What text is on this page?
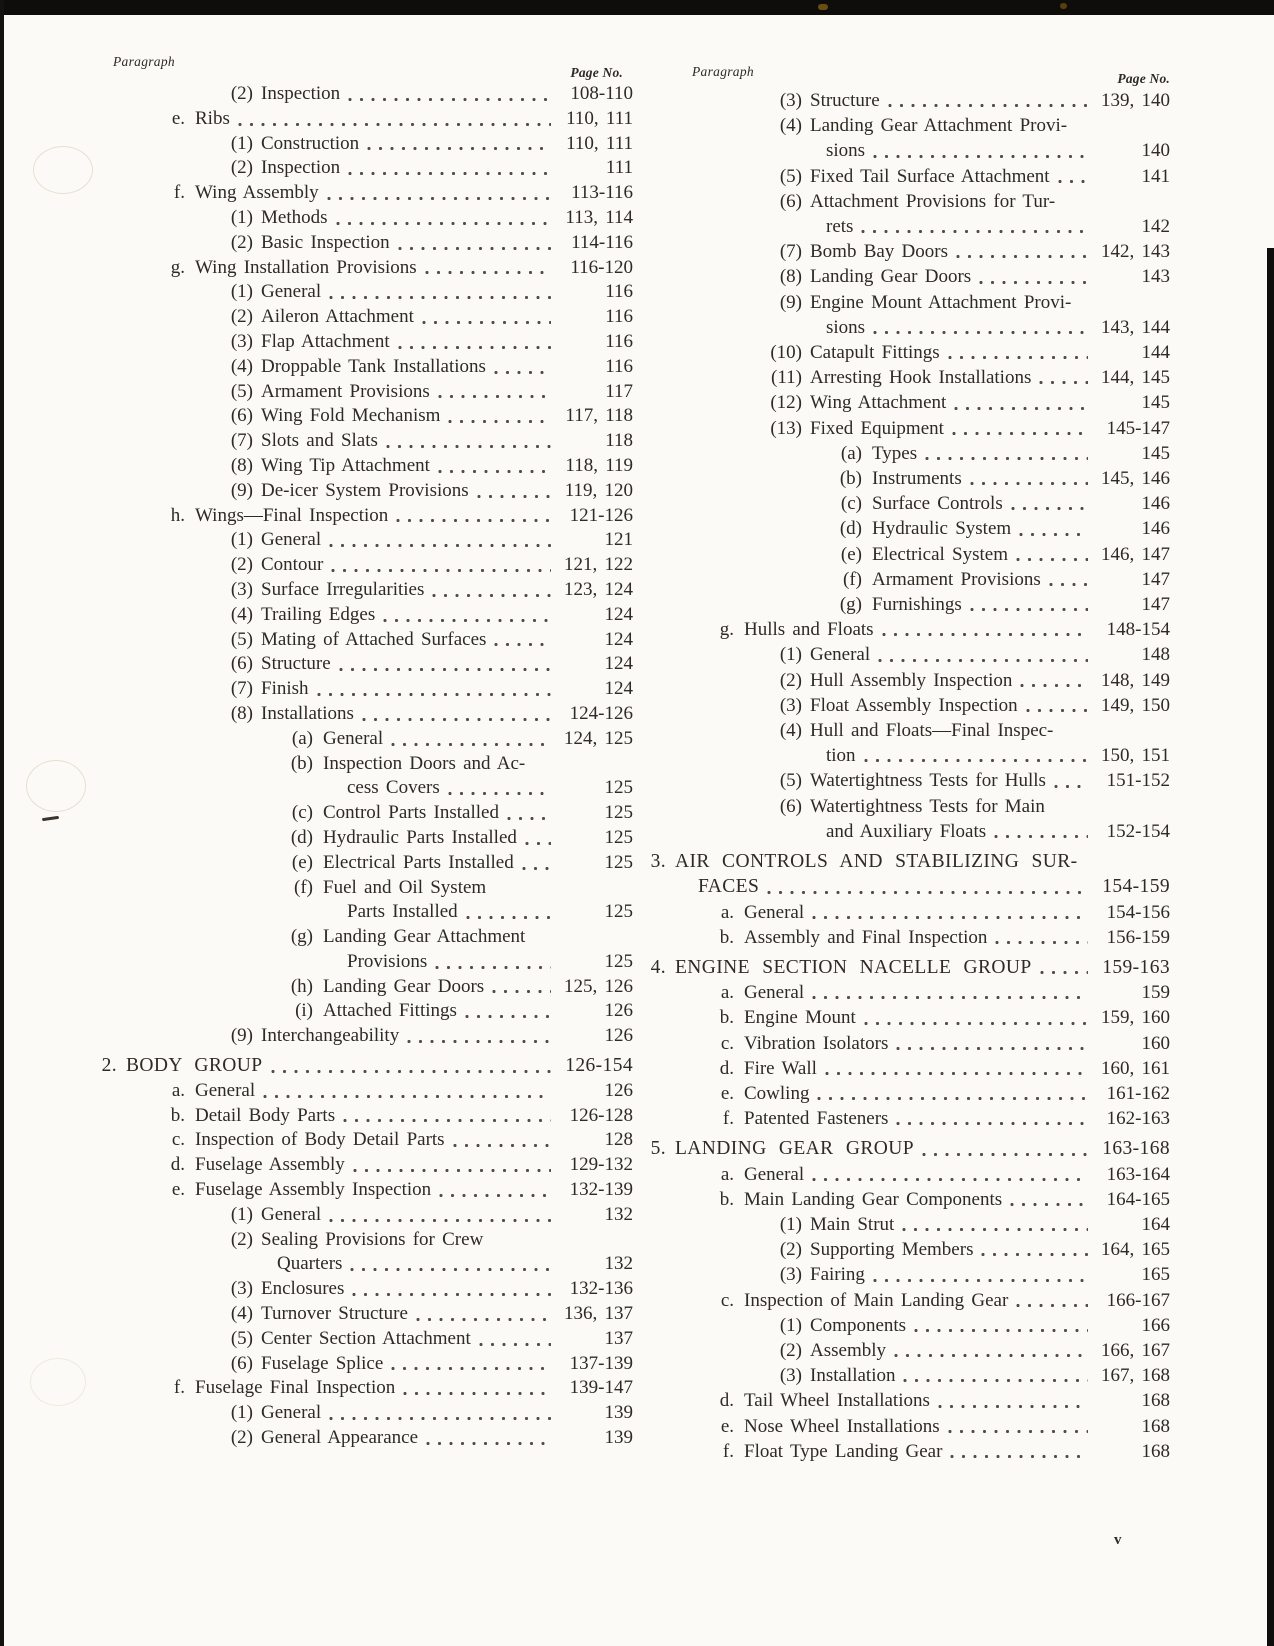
Paragraph
Page No.
(2) Inspection	108-110
e. Ribs	110, 111
(1) Construction	110, 111
(2) Inspection	111
f. Wing Assembly	113-116
(1) Methods	113, 114
(2) Basic Inspection	114-116
g. Wing Installation Provisions	116-120
(1) General	116
(2) Aileron Attachment	116
(3) Flap Attachment	116
(4) Droppable Tank Installations	116
(5) Armament Provisions	117
(6) Wing Fold Mechanism	117, 118
(7) Slots and Slats	118
(8) Wing Tip Attachment	118, 119
(9) De-icer System Provisions	119, 120
h. Wings—Final Inspection	121-126
(1) General	121
(2) Contour	121, 122
(3) Surface Irregularities	123, 124
(4) Trailing Edges	124
(5) Mating of Attached Surfaces	124
(6) Structure	124
(7) Finish	124
(8) Installations	124-126
(a) General	124, 125
(b) Inspection Doors and Ac-
cess Covers	125
(c) Control Parts Installed	125
(d) Hydraulic Parts Installed	125
(e) Electrical Parts Installed	125
(f) Fuel and Oil System
Parts Installed	125
(g) Landing Gear Attachment
Provisions	125
(h) Landing Gear Doors	125, 126
(i) Attached Fittings	126
(9) Interchangeability	126
2. BODY GROUP	126-154
a. General	126
b. Detail Body Parts	126-128
c. Inspection of Body Detail Parts	128
d. Fuselage Assembly	129-132
e. Fuselage Assembly Inspection	132-139
(1) General	132
(2) Sealing Provisions for Crew
Quarters	132
(3) Enclosures	132-136
(4) Turnover Structure	136, 137
(5) Center Section Attachment	137
(6) Fuselage Splice	137-139
f. Fuselage Final Inspection	139-147
(1) General	139
(2) General Appearance	139
Paragraph	Page No.
(3) Structure	139, 140
(4) Landing Gear Attachment Provi-
sions	140
(5) Fixed Tail Surface Attachment	141
(6) Attachment Provisions for Tur-
rets	142
(7) Bomb Bay Doors	142, 143
(8) Landing Gear Doors	143
(9) Engine Mount Attachment Provi-
sions	143, 144
(10) Catapult Fittings	144
(11) Arresting Hook Installations	144, 145
(12) Wing Attachment	145
(13) Fixed Equipment	145-147
(a) Types	145
(b) Instruments	145, 146
(c) Surface Controls	146
(d) Hydraulic System	146
(e) Electrical System	146, 147
(f) Armament Provisions	147
(g) Furnishings	147
g. Hulls and Floats	148-154
(1) General	148
(2) Hull Assembly Inspection	148, 149
(3) Float Assembly Inspection	149, 150
(4) Hull and Floats—Final Inspec-
tion	150, 151
(5) Watertightness Tests for Hulls	151-152
(6) Watertightness Tests for Main
and Auxiliary Floats	152-154
3. AIR CONTROLS AND STABILIZING SUR-
FACES	154-159
a. General	154-156
b. Assembly and Final Inspection	156-159
4. ENGINE SECTION NACELLE GROUP	159-163
a. General	159
b. Engine Mount	159, 160
c. Vibration Isolators	160
d. Fire Wall	160, 161
e. Cowling	161-162
f. Patented Fasteners	162-163
5. LANDING GEAR GROUP	163-168
a. General	163-164
b. Main Landing Gear Components	164-165
(1) Main Strut	164
(2) Supporting Members	164, 165
(3) Fairing	165
c. Inspection of Main Landing Gear	166-167
(1) Components	166
(2) Assembly	166, 167
(3) Installation	167, 168
d. Tail Wheel Installations	168
e. Nose Wheel Installations	168
f. Float Type Landing Gear	168
v
